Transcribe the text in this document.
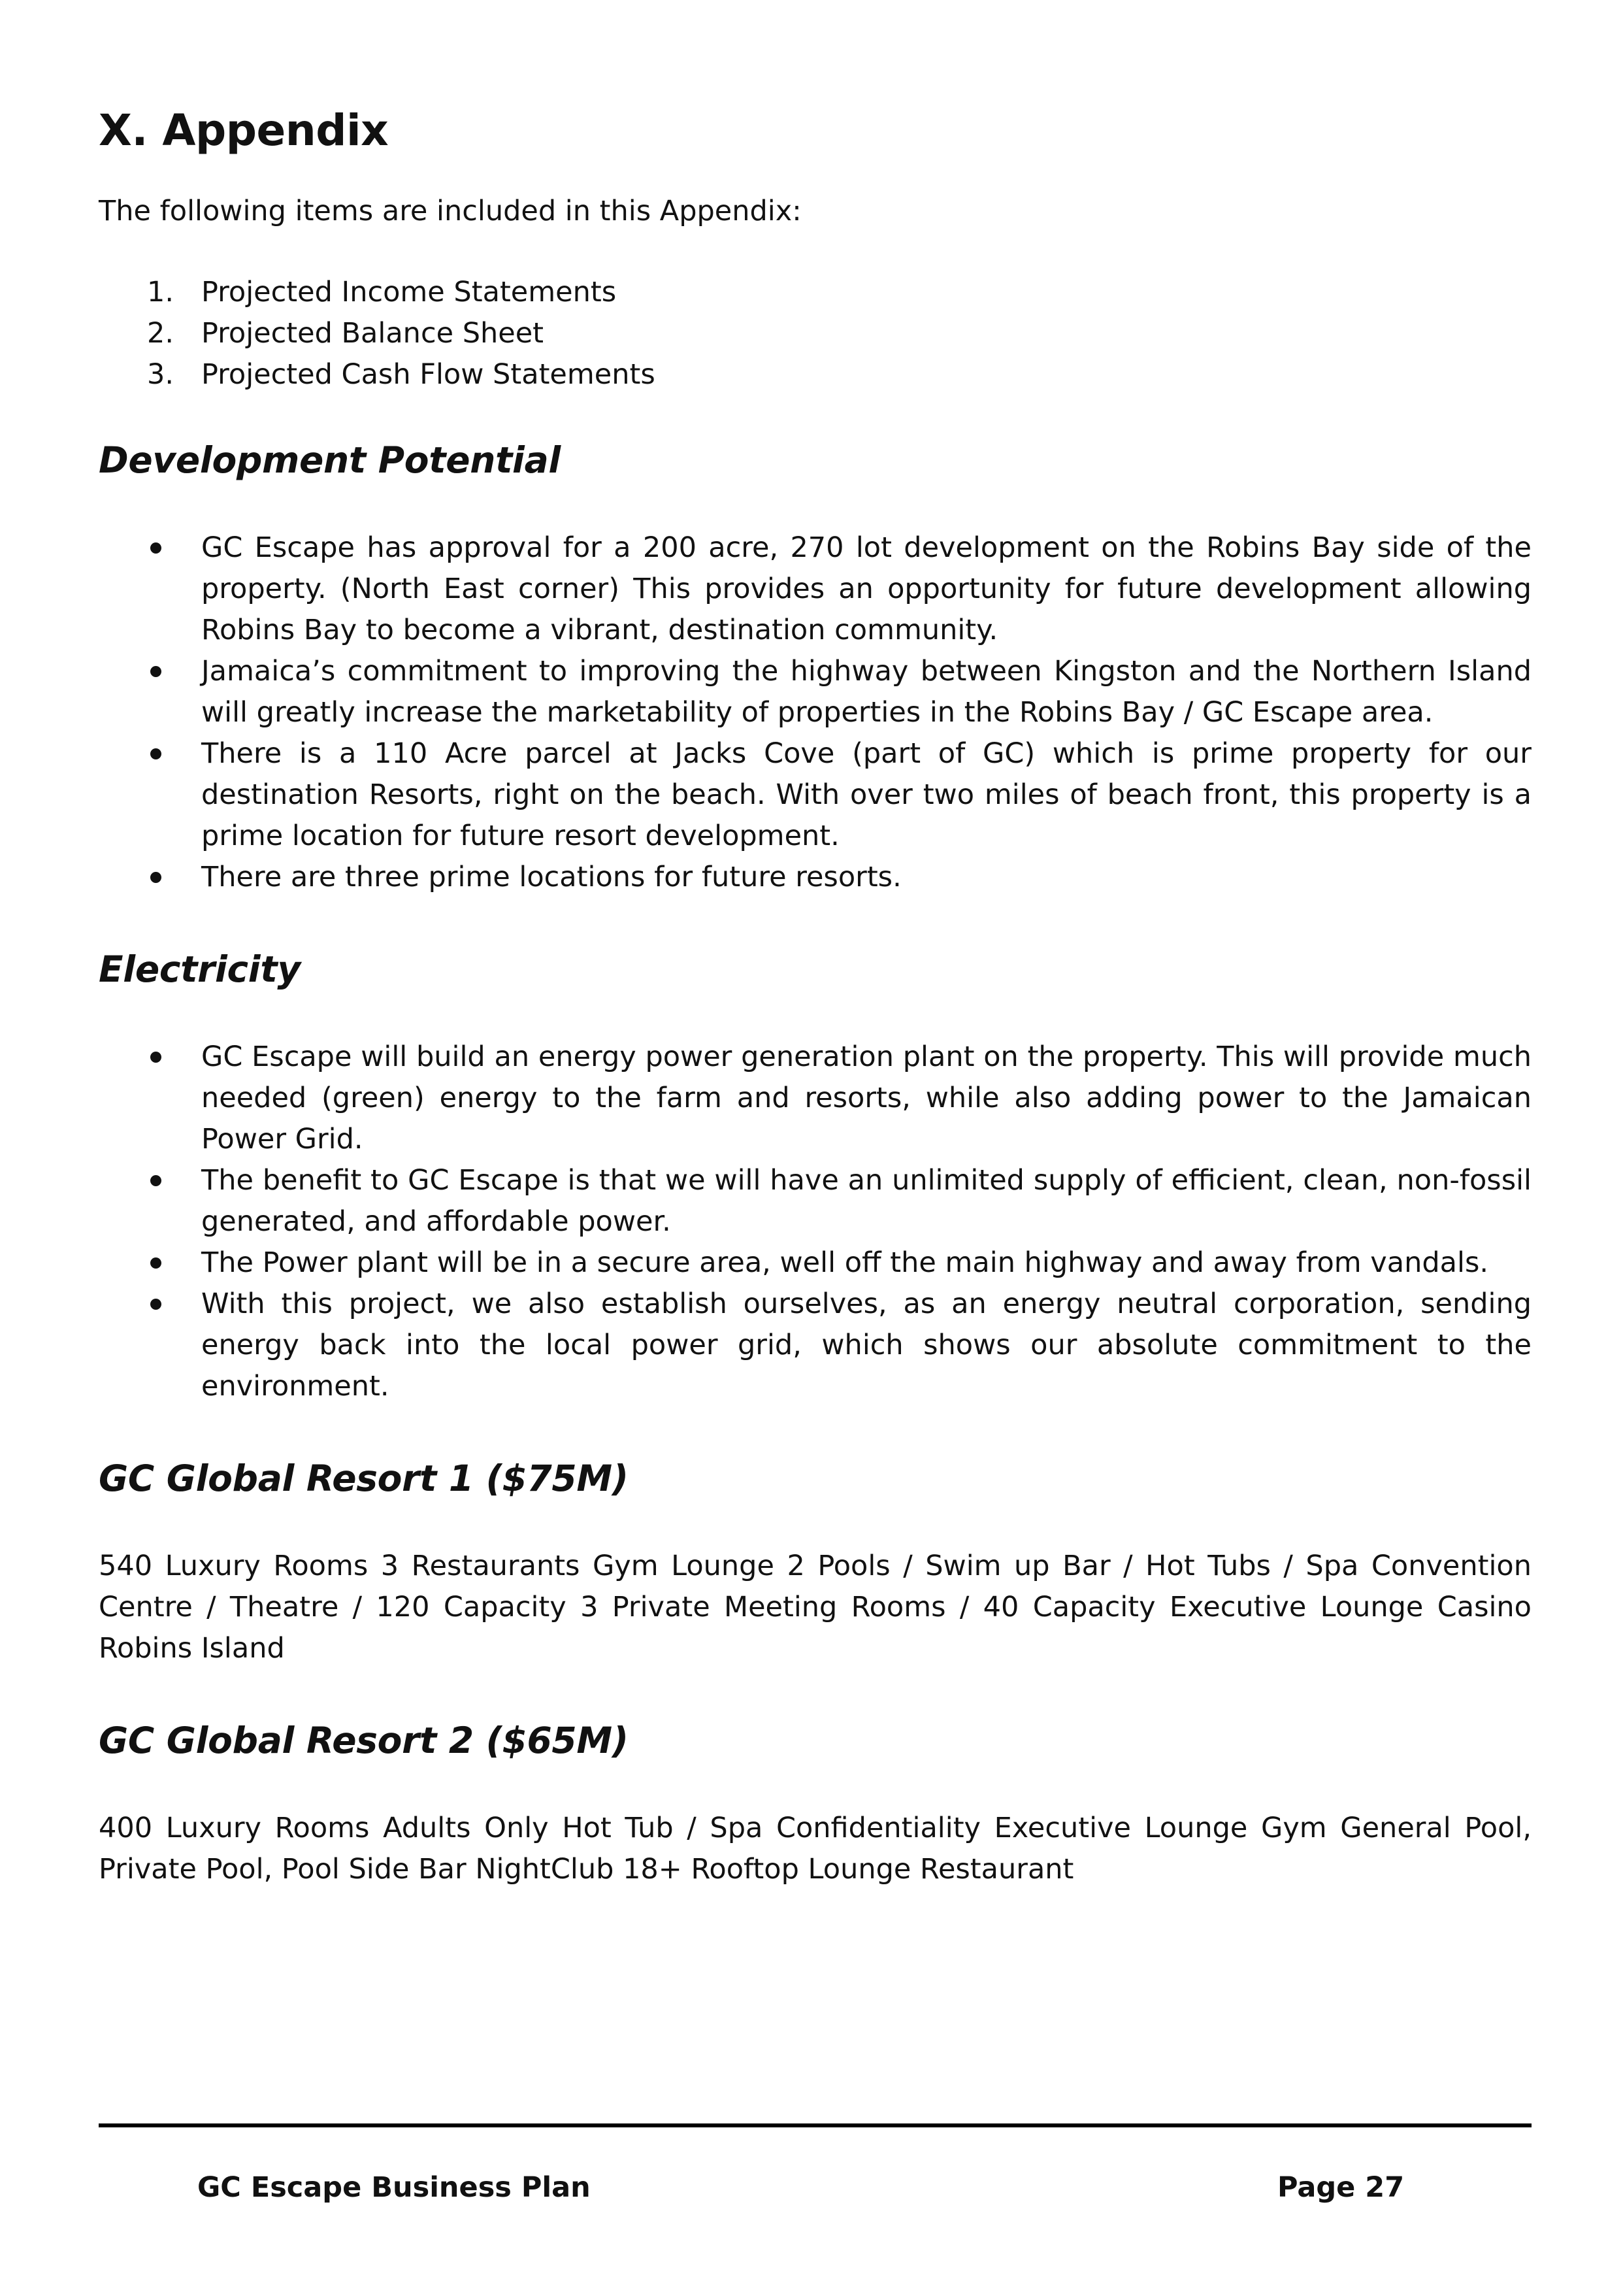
X. Appendix

The following items are included in this Appendix:

1. Projected Income Statements
2. Projected Balance Sheet
3. Projected Cash Flow Statements
Development Potential
GC Escape has approval for a 200 acre, 270 lot development on the Robins Bay side of the property. (North East corner) This provides an opportunity for future development allowing Robins Bay to become a vibrant, destination community.
Jamaica’s commitment to improving the highway between Kingston and the Northern Island will greatly increase the marketability of properties in the Robins Bay / GC Escape area.
There is a 110 Acre parcel at Jacks Cove (part of GC) which is prime property for our destination Resorts, right on the beach. With over two miles of beach front, this property is a prime location for future resort development.
There are three prime locations for future resorts.
Electricity
GC Escape will build an energy power generation plant on the property. This will provide much needed (green) energy to the farm and resorts, while also adding power to the Jamaican Power Grid.
The benefit to GC Escape is that we will have an unlimited supply of efficient, clean, non-fossil generated, and affordable power.
The Power plant will be in a secure area, well off the main highway and away from vandals.
With this project, we also establish ourselves, as an energy neutral corporation, sending energy back into the local power grid, which shows our absolute commitment to the environment.
GC Global Resort 1 ($75M)

540 Luxury Rooms 3 Restaurants Gym Lounge 2 Pools / Swim up Bar / Hot Tubs / Spa Convention Centre / Theatre / 120 Capacity 3 Private Meeting Rooms / 40 Capacity Executive Lounge Casino Robins Island

GC Global Resort 2 ($65M)

400 Luxury Rooms Adults Only Hot Tub / Spa Confidentiality Executive Lounge Gym General Pool, Private Pool, Pool Side Bar NightClub 18+ Rooftop Lounge Restaurant

GC Escape Business Plan	Page 27
